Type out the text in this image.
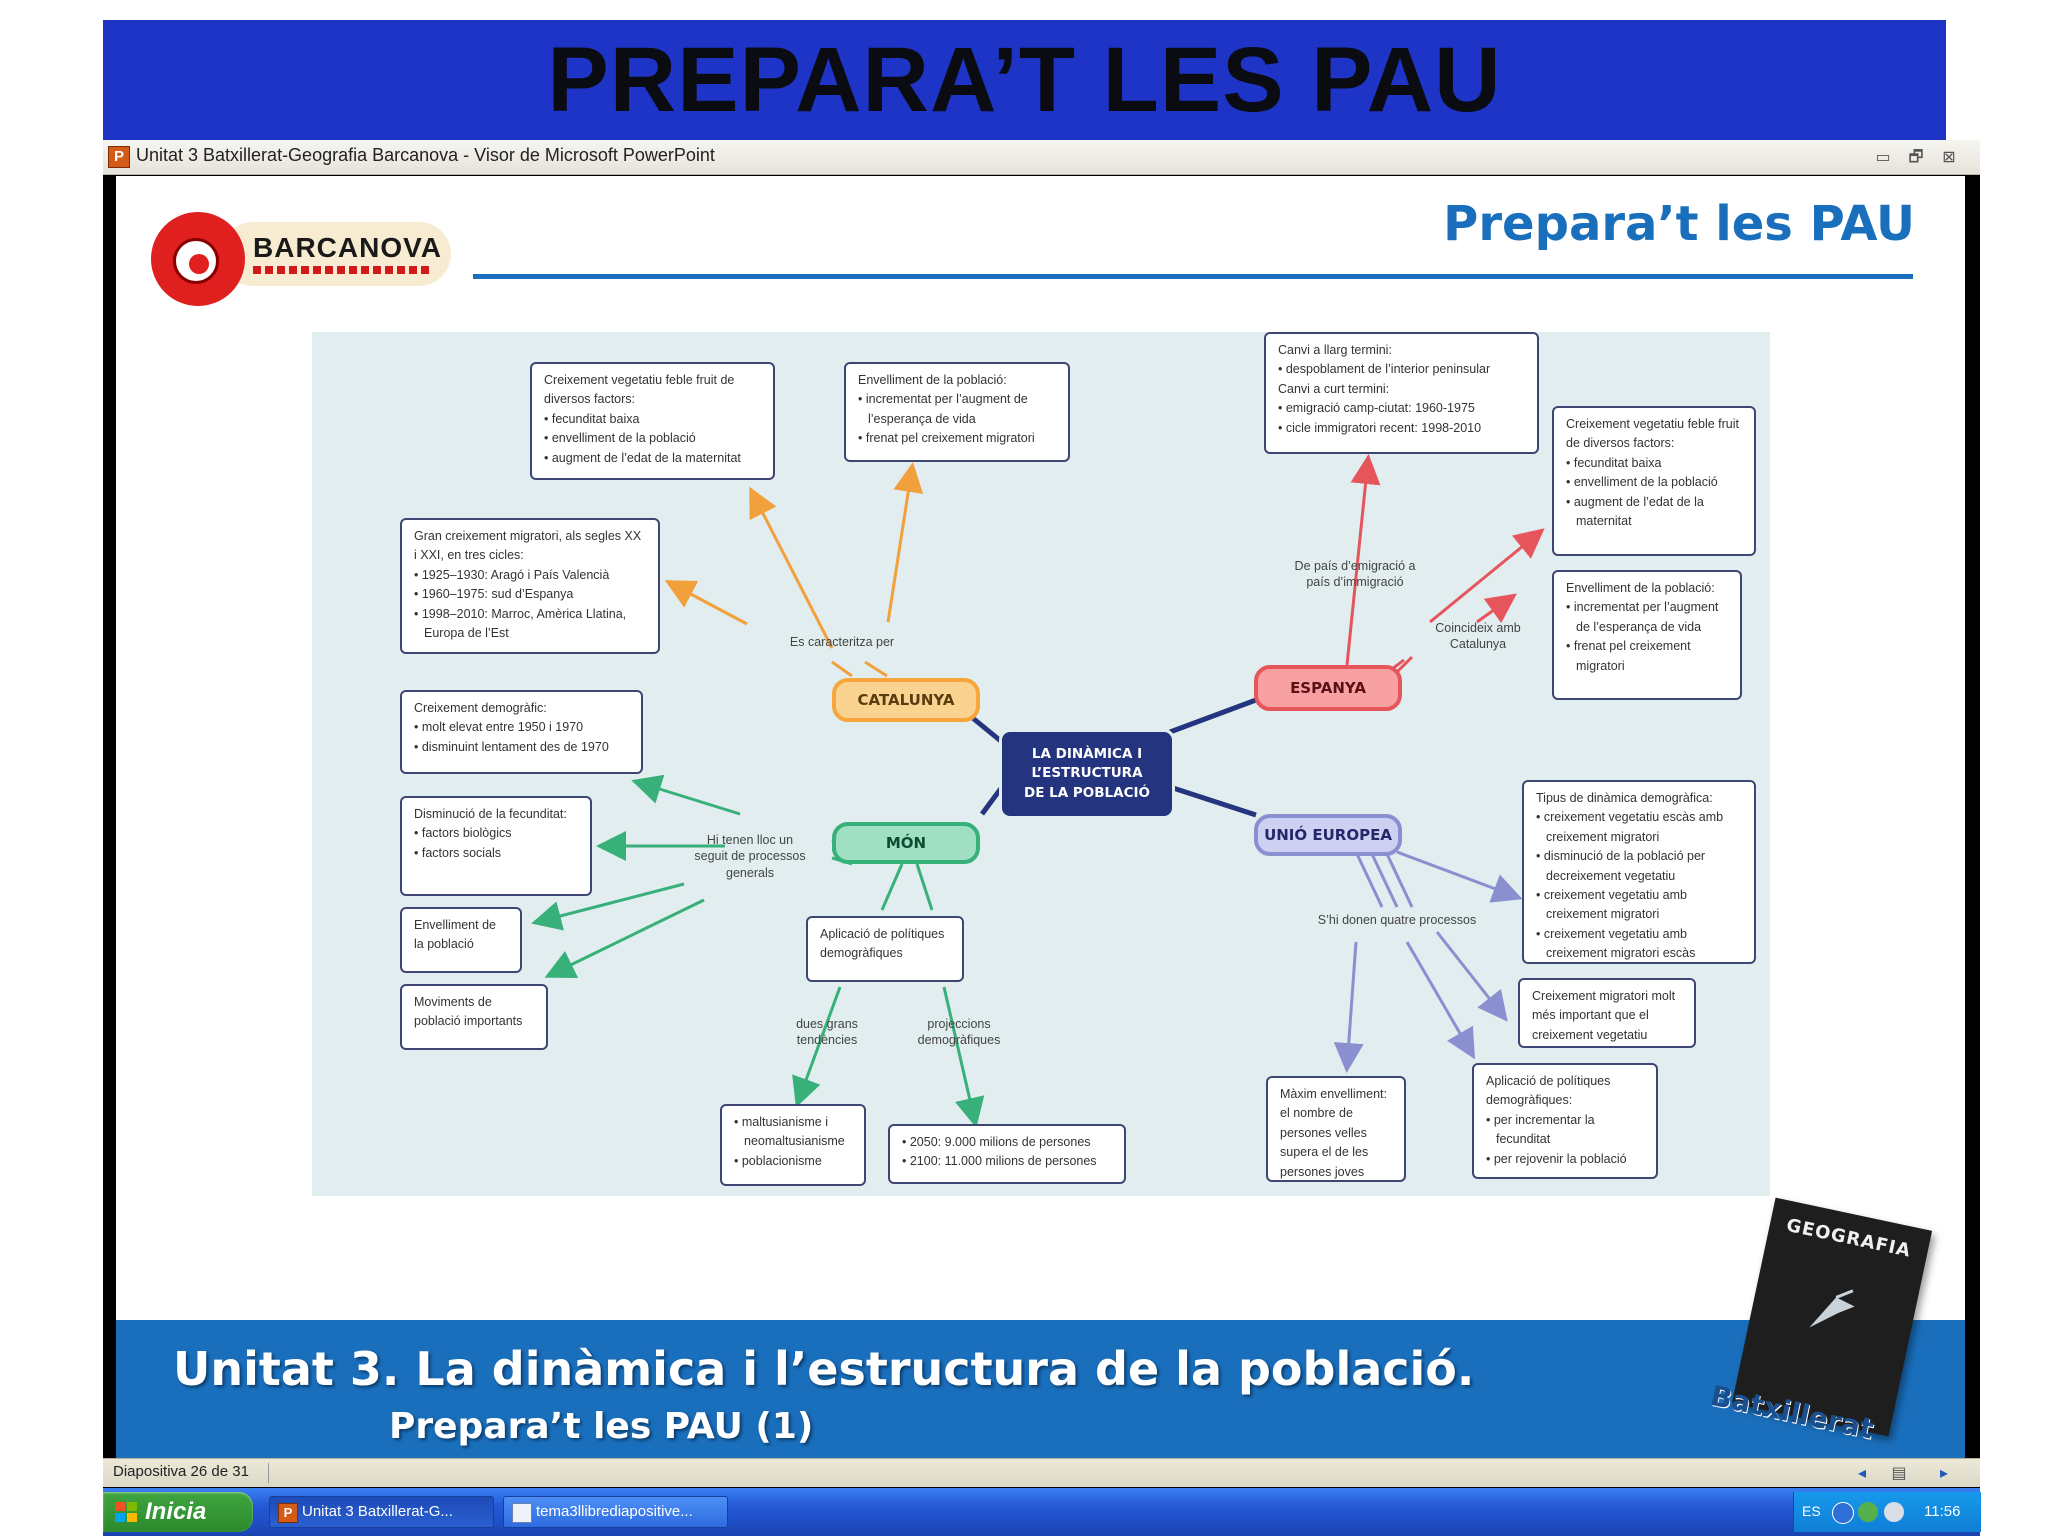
PREPARA’T LES PAU
P Unitat 3 Batxillerat-Geografia Barcanova - Visor de Microsoft PowerPoint	▭	🗗	⊠
BARCANOVA	Prepara’t les PAU
LA DINÀMICA I
L’ESTRUCTURA
DE LA POBLACIÓ
CATALUNYA
ESPANYA
MÓN	UNIÓ EUROPEA
Es caracteritza per
De país d’emigració a
país d’immigració
Coincideix amb
Catalunya
Hi tenen lloc un
seguit de processos
generals
dues grans
tendències
projeccions
demogràfiques
S’hi donen quatre processos
Creixement vegetatiu feble fruit de diversos factors:
• fecunditat baixa
• envelliment de la població
• augment de l’edat de la maternitat
Envelliment de la població:
• incrementat per l’augment de l’esperança de vida
• frenat pel creixement migratori
Gran creixement migratori, als segles XX i XXI, en tres cicles:
• 1925–1930: Aragó i País Valencià
• 1960–1975: sud d’Espanya
• 1998–2010: Marroc, Amèrica Llatina, Europa de l’Est
Canvi a llarg termini:
• despoblament de l’interior peninsular
Canvi a curt termini:
• emigració camp-ciutat: 1960-1975
• cicle immigratori recent: 1998-2010	Creixement vegetatiu feble fruit de diversos factors:
• fecunditat baixa
• envelliment de la població
• augment de l’edat de la maternitat
Envelliment de la població:
• incrementat per l’augment de l’esperança de vida
• frenat pel creixement migratori
Creixement demogràfic:
• molt elevat entre 1950 i 1970
• disminuint lentament des de 1970
Disminució de la fecunditat:
• factors biològics
• factors socials
Envelliment de la població
Moviments de població importants
Aplicació de polítiques demogràfiques
• maltusianisme i neomaltusianisme
• poblacionisme
• 2050: 9.000 milions de persones
• 2100: 11.000 milions de persones
Tipus de dinàmica demogràfica:
• creixement vegetatiu escàs amb creixement migratori
• disminució de la població per decreixement vegetatiu
• creixement vegetatiu amb creixement migratori
• creixement vegetatiu amb creixement migratori escàs
Creixement migratori molt més important que el creixement vegetatiu
Aplicació de polítiques demogràfiques:
• per incrementar la fecunditat
• per rejovenir la població
Màxim envelliment: el nombre de persones velles supera el de les persones joves
Unitat 3. La dinàmica i l’estructura de la població.
Prepara’t les PAU (1)
GEOGRAFIA
Batxillerat
Diapositiva 26 de 31	◂	▤	▸
Inicia	P Unitat 3 Batxillerat-G...	tema3llibrediapositive...	ES	11:56
